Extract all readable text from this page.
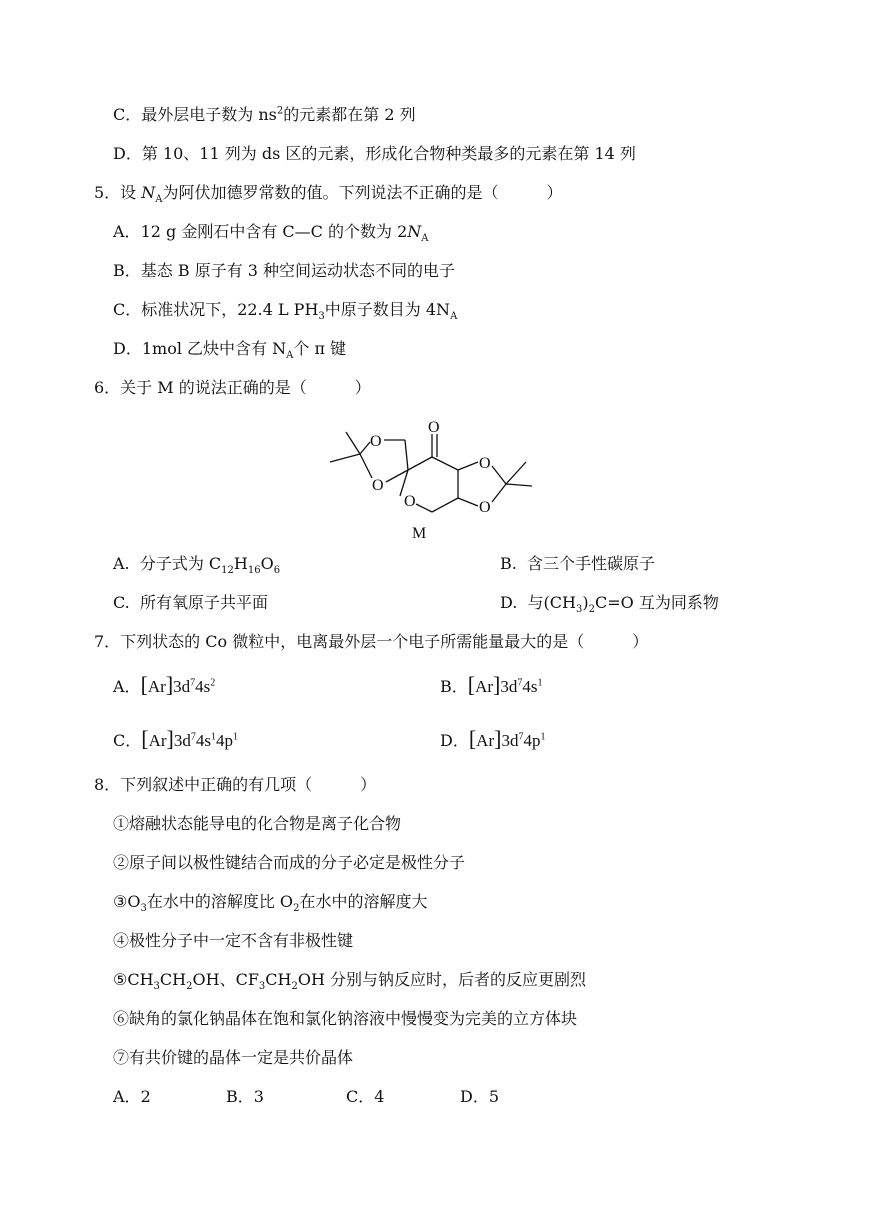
C．最外层电子数为 $ns^2$的元素都在第 2 列
D．第 10、11 列为 ds 区的元素，形成化合物种类最多的元素在第 14 列
5．设 $N_A$为阿伏加德罗常数的值。下列说法不正确的是（　　　）
A．12 g 金刚石中含有 C—C 的个数为 $2N_A$
B．基态 B 原子有 3 种空间运动状态不同的电子
C．标准状况下，22.4 L $PH_3$中原子数目为 $4N_A$
D．1mol 乙炔中含有 $N_A$个 π 键
6．关于 M 的说法正确的是（　　　）
O
O
O
O
O
O
M
A. 分子式为 $C_{12}H_{16}O_6$	B. 含三个手性碳原子
C. 所有氧原子共平面	D. 与$(CH_3)_2C=O$ 互为同系物
7．下列状态的 Co 微粒中，电离最外层一个电子所需能量最大的是（　　　）
A．$[Ar]3d^74s^2$	B．$[Ar]3d^74s^1$
C．$[Ar]3d^74s^14p^1$	D．$[Ar]3d^74p^1$
8．下列叙述中正确的有几项（　　　）
①熔融状态能导电的化合物是离子化合物
②原子间以极性键结合而成的分子必定是极性分子
$③O_3$在水中的溶解度比 $O_2$在水中的溶解度大
④极性分子中一定不含有非极性键
$⑤CH_3CH_2OH$、$CF_3CH_2OH$ 分别与钠反应时，后者的反应更剧烈
⑥缺角的氯化钠晶体在饱和氯化钠溶液中慢慢变为完美的立方体块
⑦有共价键的晶体一定是共价晶体
A．2	B．3	C．4	D．5
